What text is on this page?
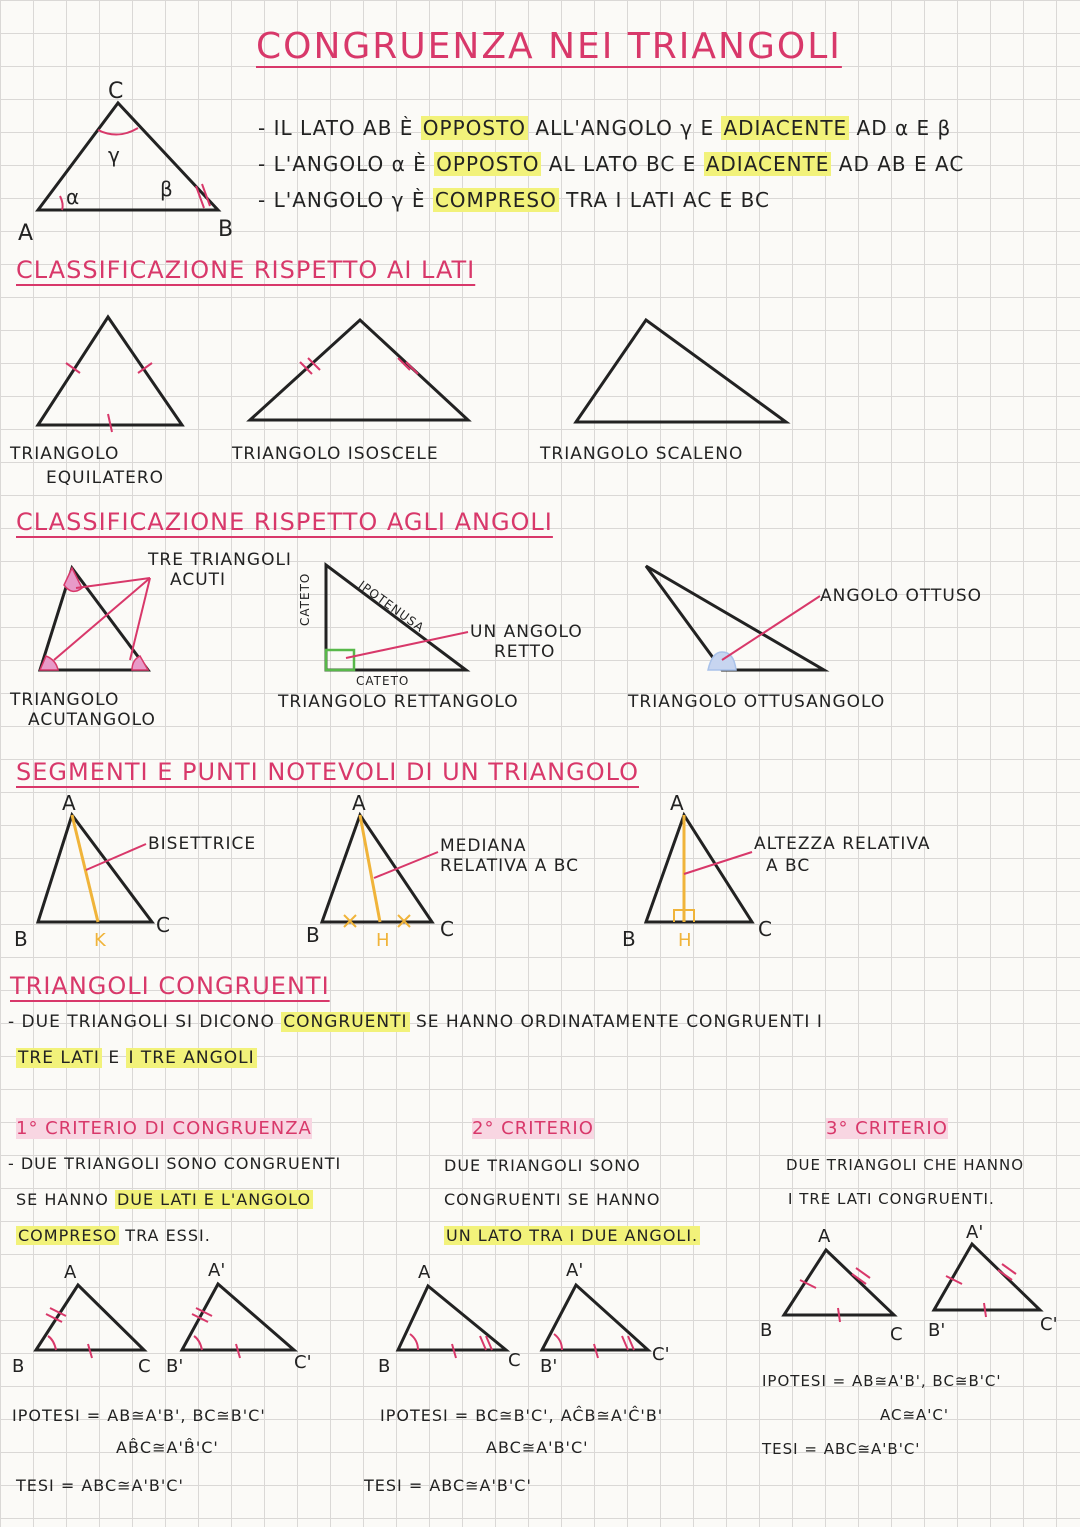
C
A	B
γ
α	β
A
B
C
K
A
B	C
H
A
B	C
H
A
B	C
A'
B'	C'
A
B	C
A'
B'
C'
A
B	C
A'
B'	C'
CONGRUENZA NEI TRIANGOLI
- IL LATO AB È OPPOSTO ALL'ANGOLO γ E ADIACENTE AD α E β
- L'ANGOLO α È OPPOSTO AL LATO BC E ADIACENTE AD AB E AC
- L'ANGOLO γ È COMPRESO TRA I LATI AC E BC
CLASSIFICAZIONE RISPETTO AI LATI
TRIANGOLO
EQUILATERO
TRIANGOLO ISOSCELE	TRIANGOLO SCALENO
CLASSIFICAZIONE RISPETTO AGLI ANGOLI
TRE TRIANGOLI
ACUTI
TRIANGOLO
ACUTANGOLO
CATETO	IPOTENUSA
CATETO
UN ANGOLO
RETTO
TRIANGOLO RETTANGOLO
ANGOLO OTTUSO
TRIANGOLO OTTUSANGOLO
SEGMENTI E PUNTI NOTEVOLI DI UN TRIANGOLO
BISETTRICE	MEDIANA
RELATIVA A BC
ALTEZZA RELATIVA
A BC
TRIANGOLI CONGRUENTI
- DUE TRIANGOLI SI DICONO CONGRUENTI SE HANNO ORDINATAMENTE CONGRUENTI I
TRE LATI E I TRE ANGOLI
1° CRITERIO DI CONGRUENZA
- DUE TRIANGOLI SONO CONGRUENTI
SE HANNO DUE LATI E L'ANGOLO
COMPRESO TRA ESSI.
IPOTESI = AB≅A'B', BC≅B'C'
AB̂C≅A'B̂'C'
TESI = ABC≅A'B'C'
2° CRITERIO
DUE TRIANGOLI SONO
CONGRUENTI SE HANNO
UN LATO TRA I DUE ANGOLI.
IPOTESI = BC≅B'C', AĈB≅A'Ĉ'B'
ABC≅A'B'C'
TESI = ABC≅A'B'C'
3° CRITERIO
DUE TRIANGOLI CHE HANNO
I TRE LATI CONGRUENTI.
IPOTESI = AB≅A'B', BC≅B'C'
AC≅A'C'
TESI = ABC≅A'B'C'
